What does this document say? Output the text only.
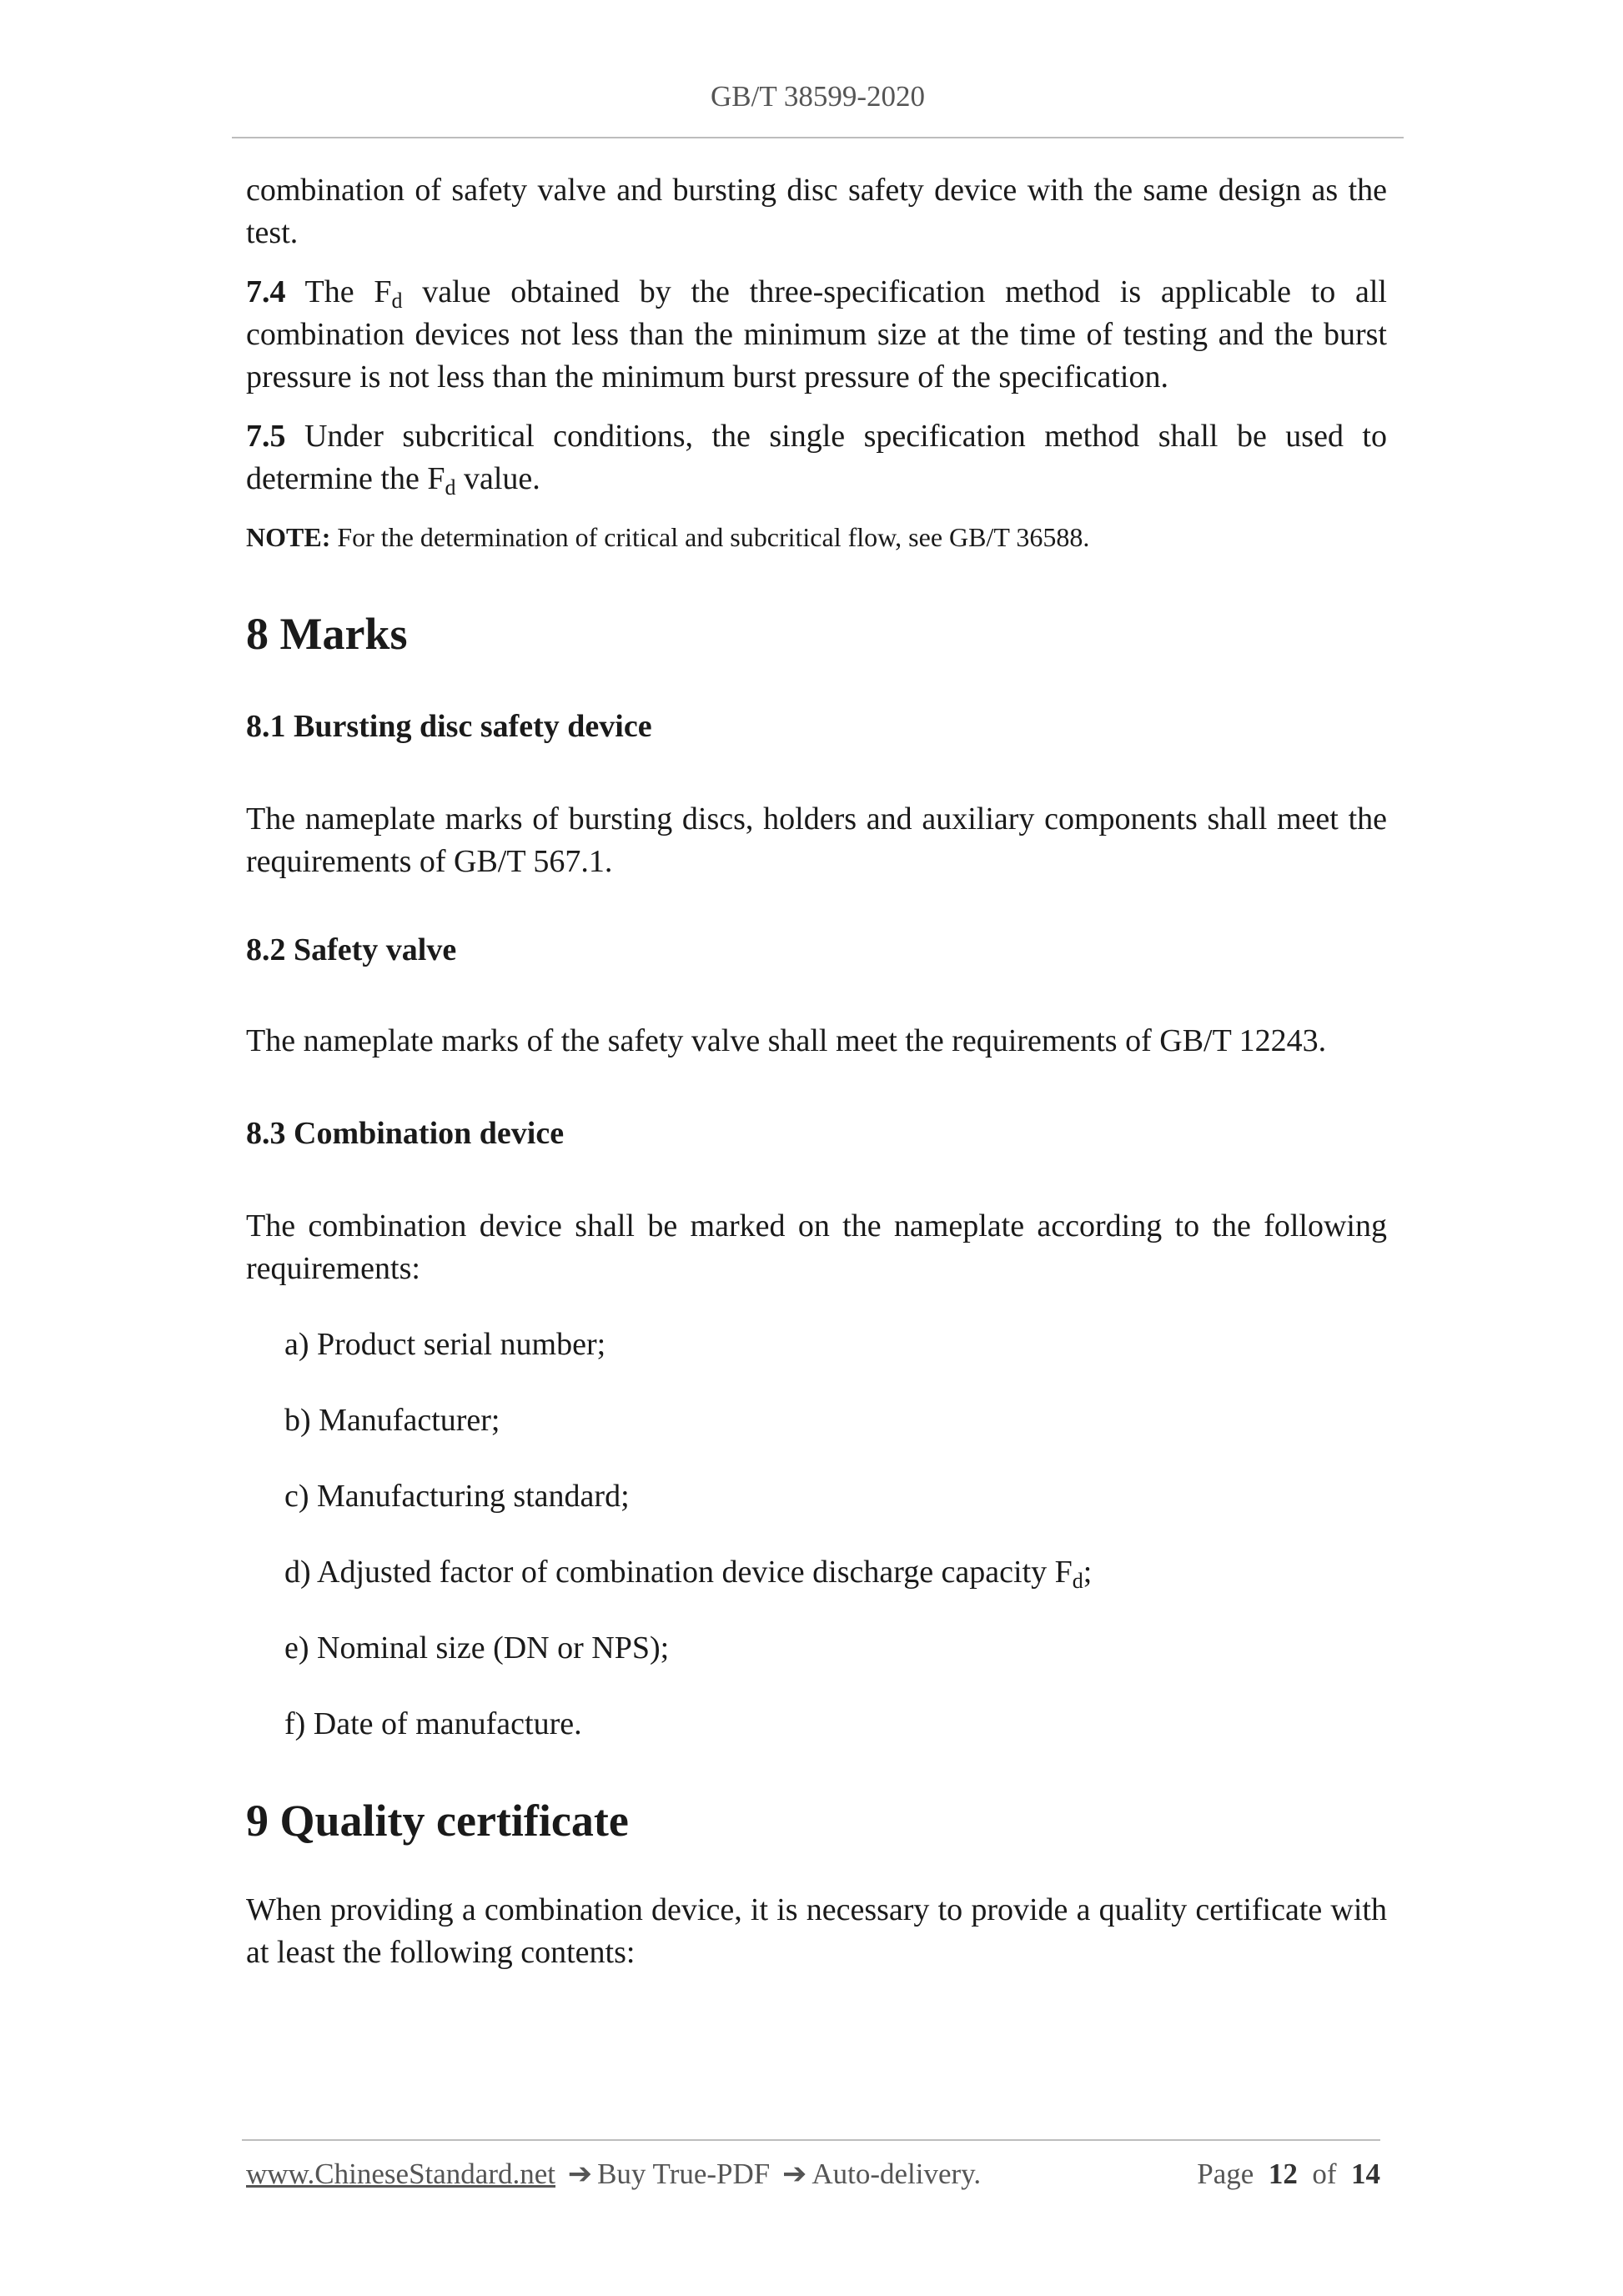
GB/T 38599-2020

combination of safety valve and bursting disc safety device with the same design as the test.

7.4 The $F_d$ value obtained by the three-specification method is applicable to all combination devices not less than the minimum size at the time of testing and the burst pressure is not less than the minimum burst pressure of the specification.

7.5 Under subcritical conditions, the single specification method shall be used to determine the $F_d$ value.

NOTE: For the determination of critical and subcritical flow, see GB/T 36588.

8 Marks
8.1 Bursting disc safety device

The nameplate marks of bursting discs, holders and auxiliary components shall meet the requirements of GB/T 567.1.

8.2 Safety valve

The nameplate marks of the safety valve shall meet the requirements of GB/T 12243.

8.3 Combination device

The combination device shall be marked on the nameplate according to the following requirements:

a) Product serial number;

b) Manufacturer;

c) Manufacturing standard;

d) Adjusted factor of combination device discharge capacity $F_d$;

e) Nominal size (DN or NPS);

f) Date of manufacture.

9 Quality certificate

When providing a combination device, it is necessary to provide a quality certificate with at least the following contents:

www.ChineseStandard.net ➔ Buy True-PDF ➔ Auto-delivery.	Page 12 of 14
